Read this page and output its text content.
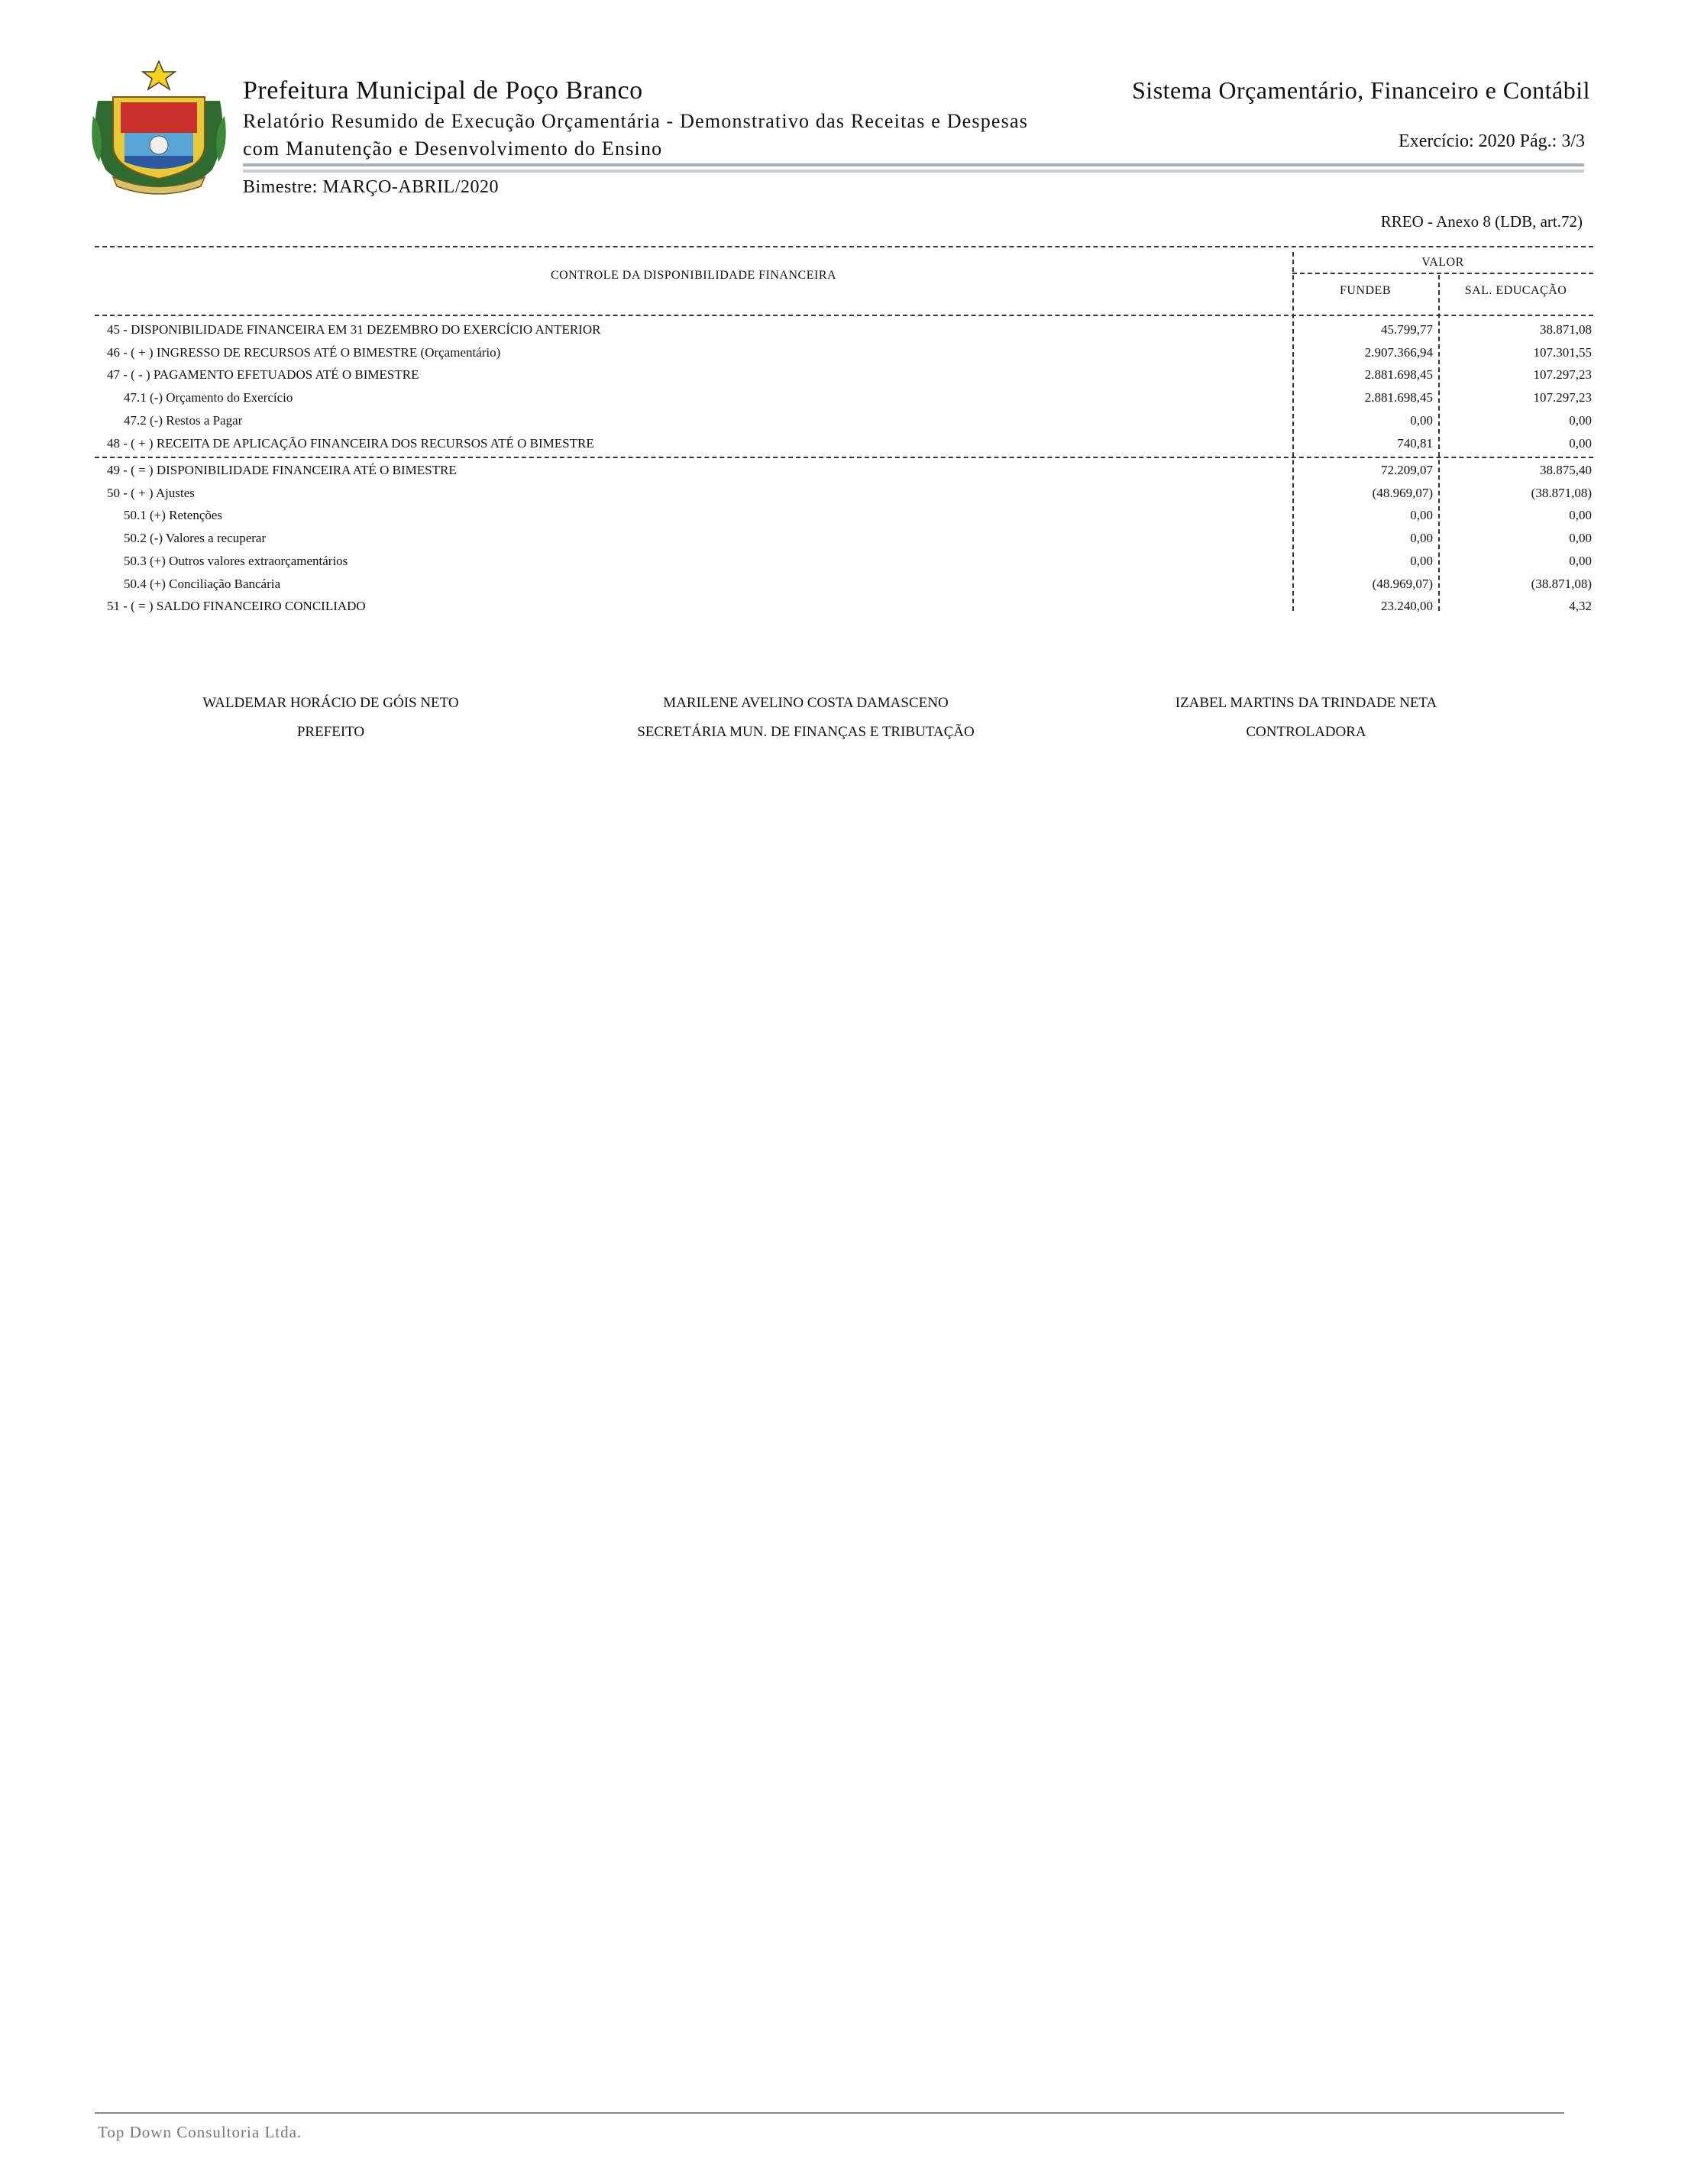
Prefeitura Municipal de Poço Branco
Relatório Resumido de Execução Orçamentária - Demonstrativo das Receitas e Despesas
com Manutenção e Desenvolvimento do Ensino
Sistema Orçamentário, Financeiro e Contábil
Exercício: 2020 Pág.: 3/3
Bimestre: MARÇO-ABRIL/2020
RREO - Anexo 8 (LDB, art.72)
CONTROLE DA DISPONIBILIDADE FINANCEIRA
VALOR
FUNDEB	SAL. EDUCAÇÃO
45 - DISPONIBILIDADE FINANCEIRA EM 31 DEZEMBRO DO EXERCÍCIO ANTERIOR	45.799,77	38.871,08
46 - ( + ) INGRESSO DE RECURSOS ATÉ O BIMESTRE (Orçamentário)	2.907.366,94	107.301,55
47 - ( - ) PAGAMENTO EFETUADOS ATÉ O BIMESTRE	2.881.698,45	107.297,23
47.1 (-) Orçamento do Exercício	2.881.698,45	107.297,23
47.2 (-) Restos a Pagar	0,00	0,00
48 - ( + ) RECEITA DE APLICAÇÃO FINANCEIRA DOS RECURSOS ATÉ O BIMESTRE	740,81	0,00
49 - ( = ) DISPONIBILIDADE FINANCEIRA ATÉ O BIMESTRE	72.209,07	38.875,40
50 - ( + ) Ajustes	(48.969,07)	(38.871,08)
50.1 (+) Retenções	0,00	0,00
50.2 (-) Valores a recuperar	0,00	0,00
50.3 (+) Outros valores extraorçamentários	0,00	0,00
50.4 (+) Conciliação Bancária	(48.969,07)	(38.871,08)
51 - ( = ) SALDO FINANCEIRO CONCILIADO	23.240,00	4,32
WALDEMAR HORÁCIO DE GÓIS NETO
PREFEITO
MARILENE AVELINO COSTA DAMASCENO
SECRETÁRIA MUN. DE FINANÇAS E TRIBUTAÇÃO
IZABEL MARTINS DA TRINDADE NETA
CONTROLADORA
Top Down Consultoria Ltda.
